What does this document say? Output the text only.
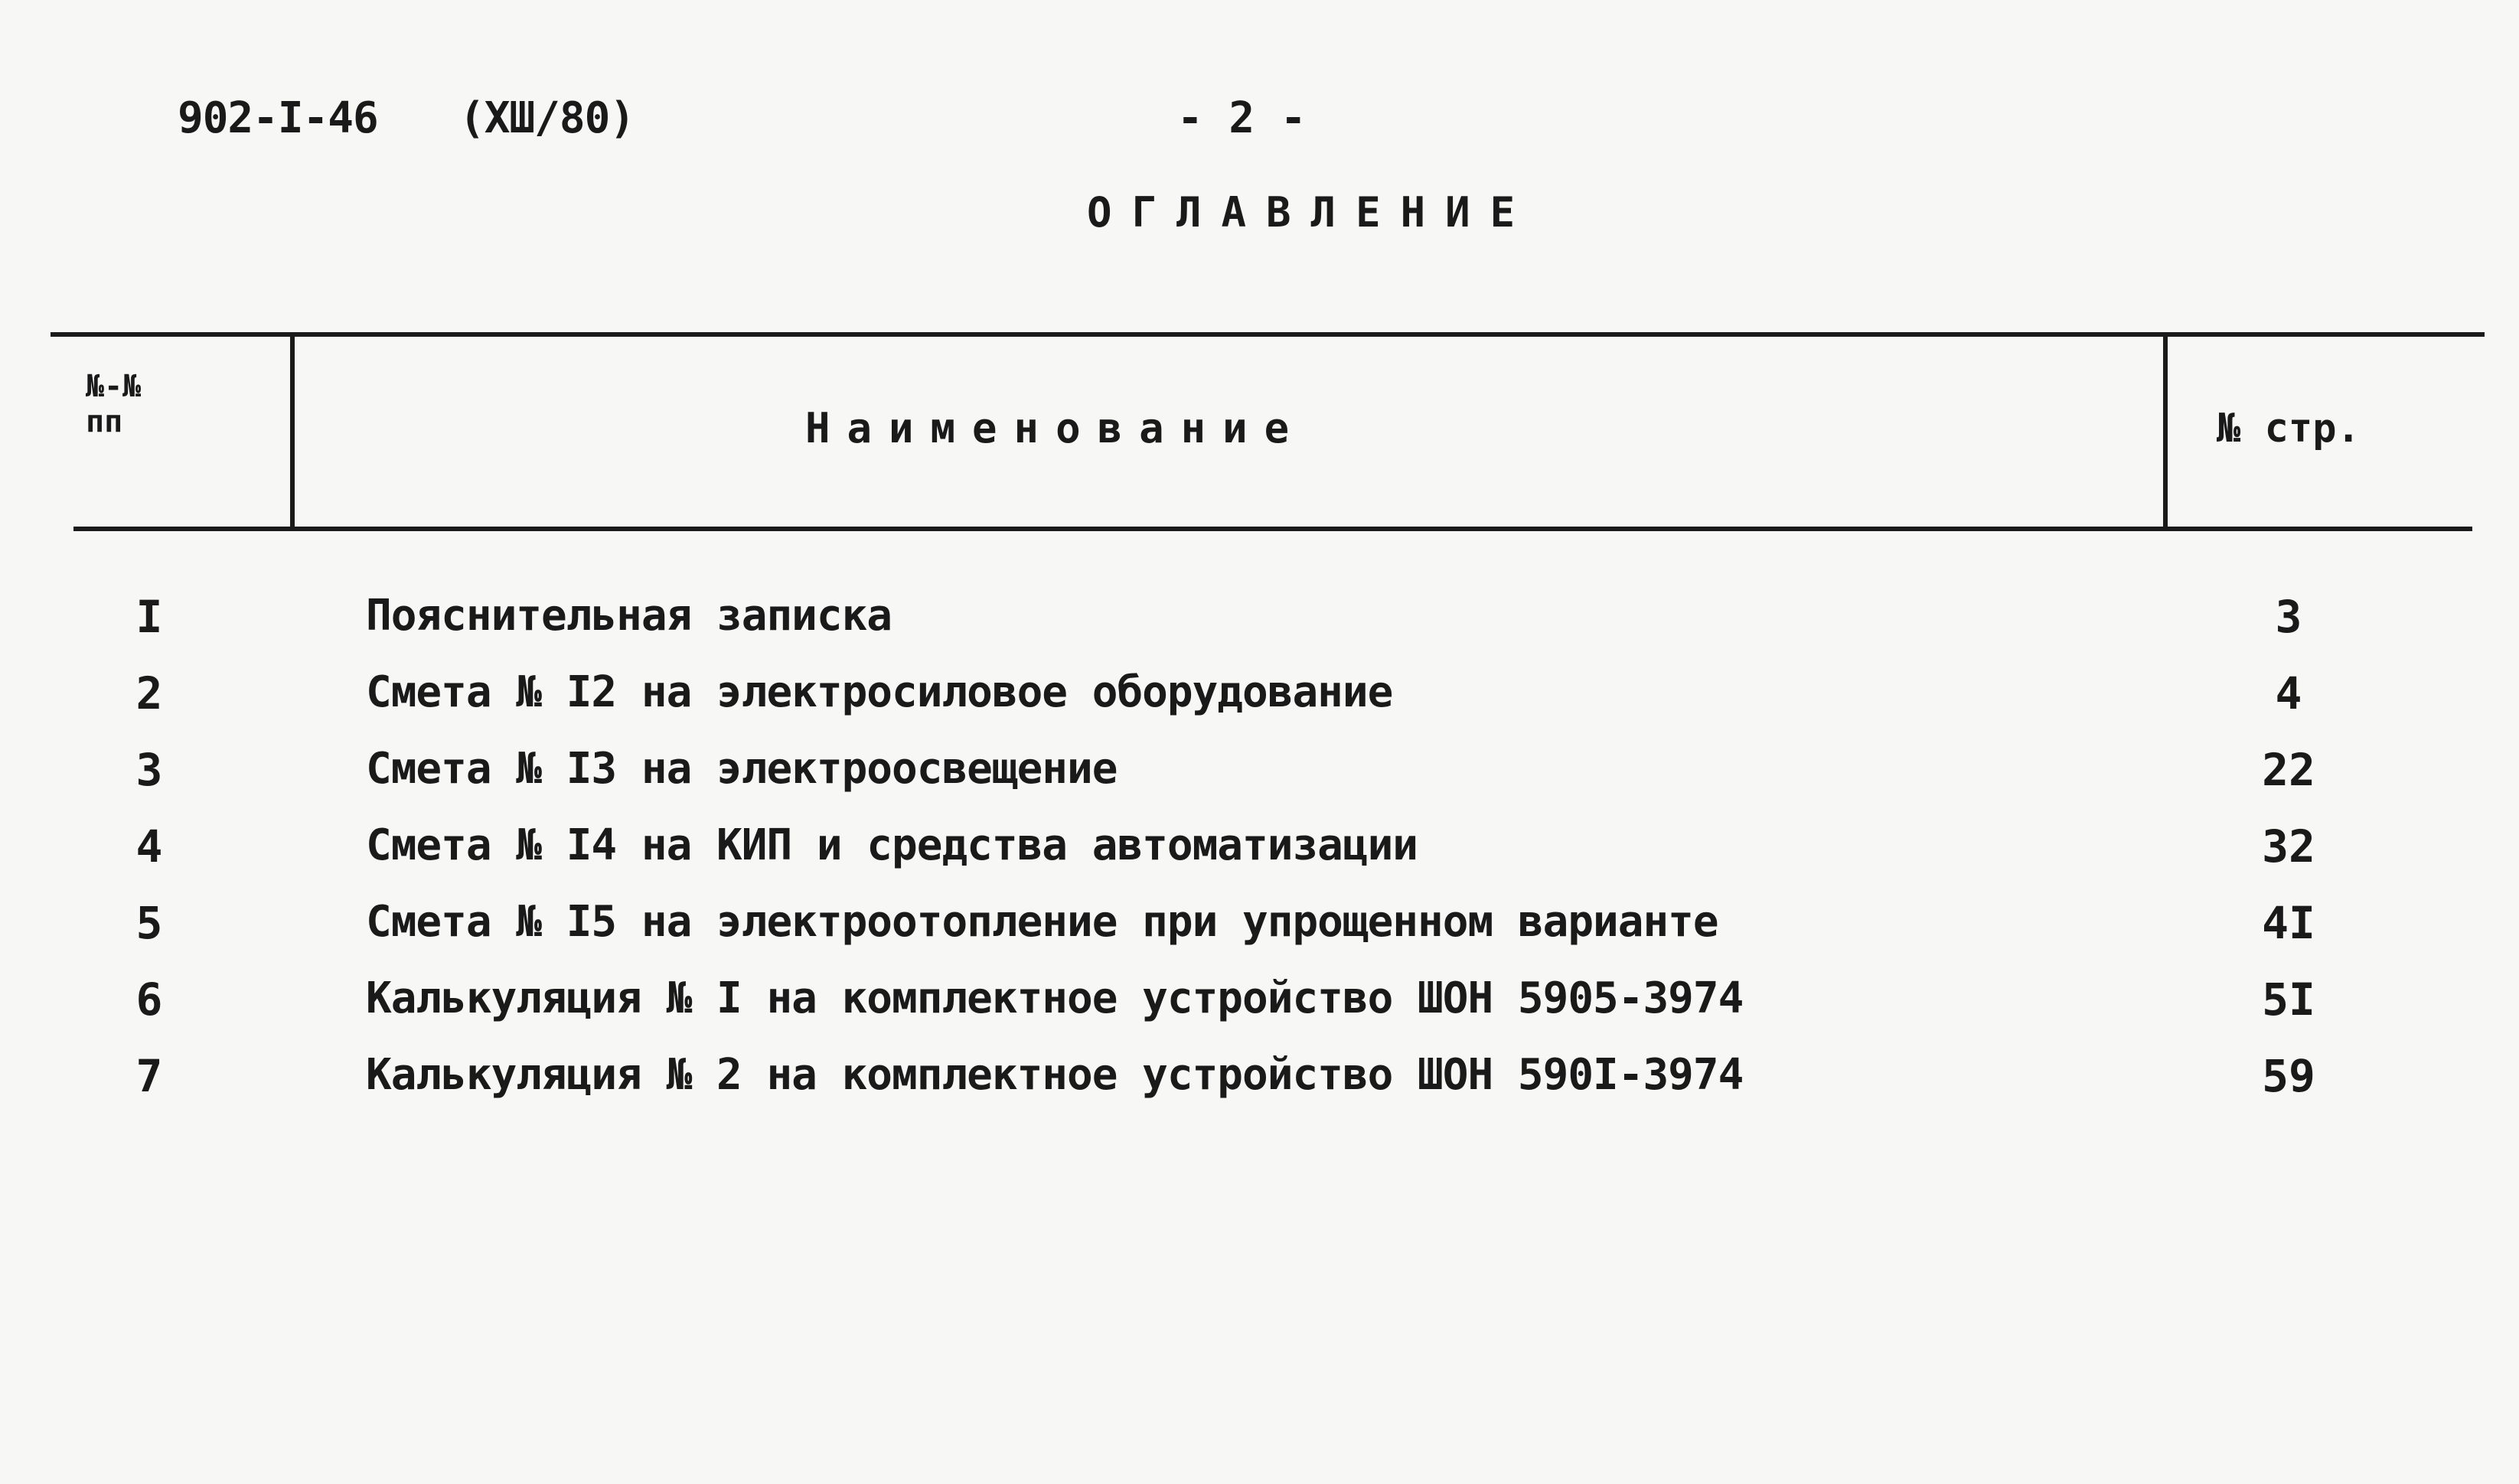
902-I-46 (XШ/80)	- 2 -
ОГЛАВЛЕНИЕ
№-№
пп	Наименование	№ стр.
I	Пояснительная записка	3
2	Смета № I2 на электросиловое оборудование	4
3	Смета № I3 на электроосвещение	22
4	Смета № I4 на КИП и средства автоматизации	32
5	Смета № I5 на электроотопление при упрощенном варианте	4I
6	Калькуляция № I на комплектное устройство ШОН 5905-3974	5I
7	Калькуляция № 2 на комплектное устройство ШОН 590I-3974	59
